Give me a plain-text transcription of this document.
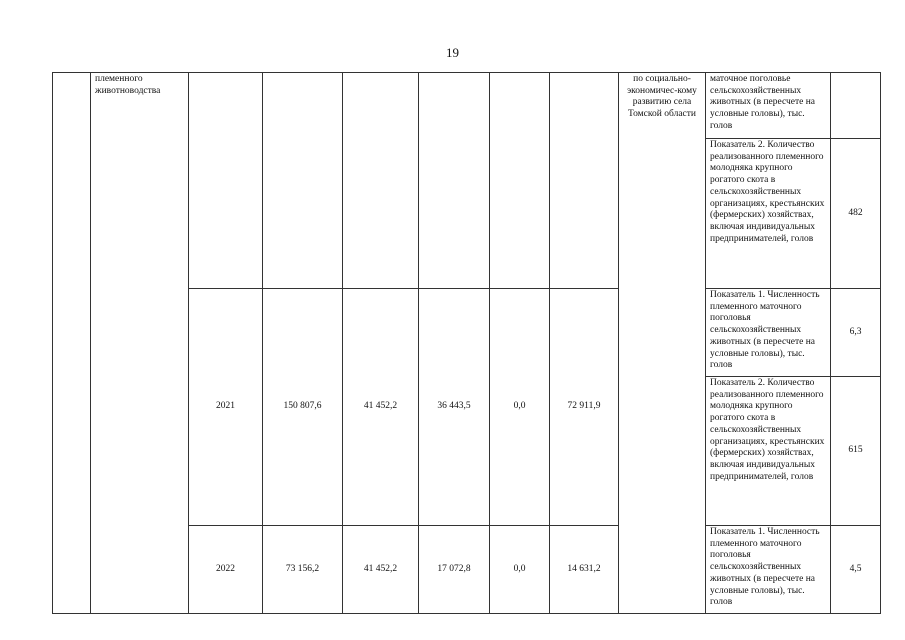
19
	племенного животноводства							по социально-экономичес-кому развитию села Томской области	маточное поголовье сельскохозяйственных животных (в пересчете на условные головы), тыс. голов	
									Показатель 2. Количество реализованного племенного молодняка крупного рогатого скота в сельскохозяйственных организациях, крестьянских (фермерских) хозяйствах, включая индивидуальных предпринимателей, голов	482
		2021	150 807,6	41 452,2	36 443,5	0,0	72 911,9		Показатель 1. Численность племенного маточного поголовья сельскохозяйственных животных (в пересчете на условные головы), тыс. голов	6,3
									Показатель 2. Количество реализованного племенного молодняка крупного рогатого скота в сельскохозяйственных организациях, крестьянских (фермерских) хозяйствах, включая индивидуальных предпринимателей, голов	615
		2022	73 156,2	41 452,2	17 072,8	0,0	14 631,2		Показатель 1. Численность племенного маточного поголовья сельскохозяйственных животных (в пересчете на условные головы), тыс. голов	4,5
